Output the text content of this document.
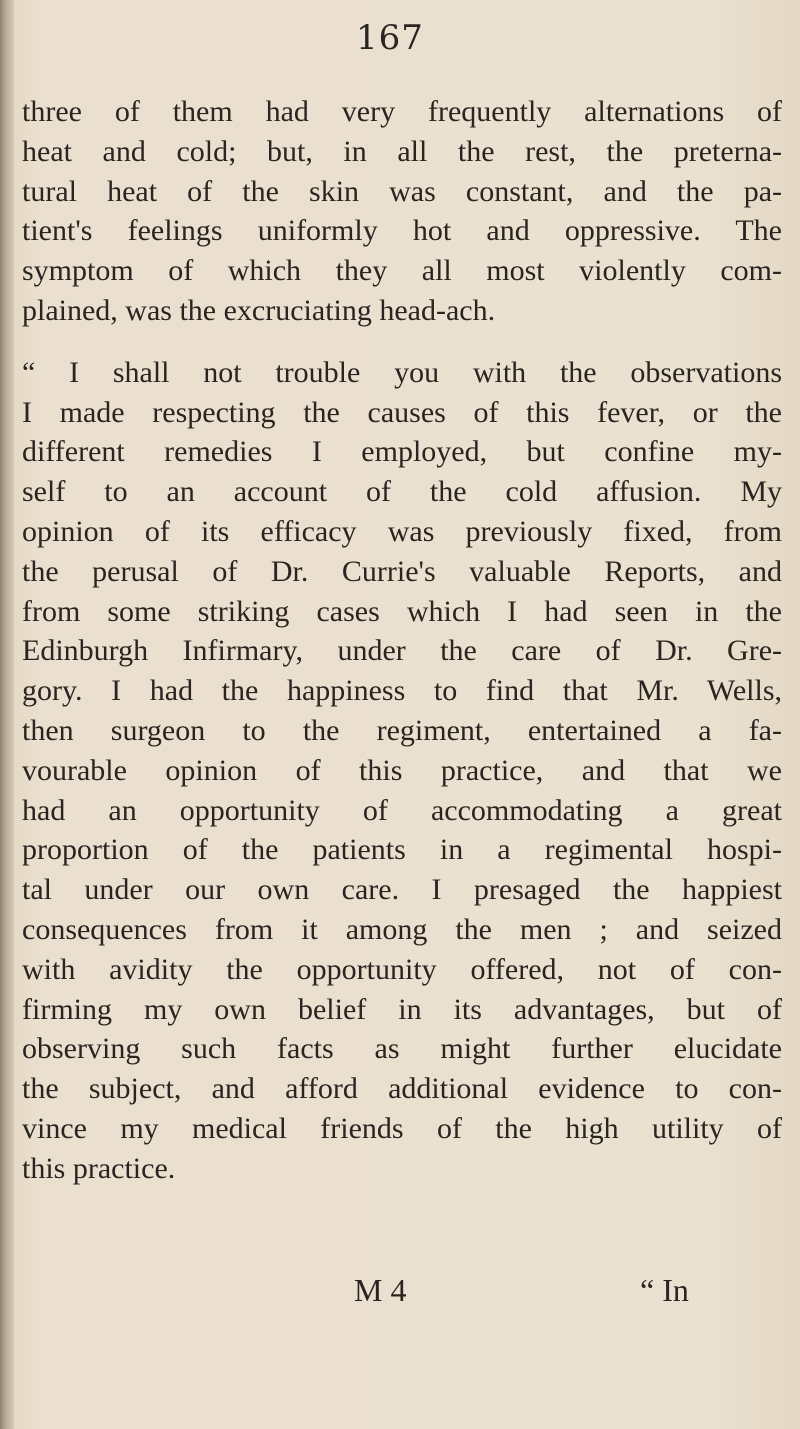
167

three of them had very frequently alternations of
heat and cold; but, in all the rest, the preterna-
tural heat of the skin was constant, and the pa-
tient's feelings uniformly hot and oppressive. The
symptom of which they all most violently com-
plained, was the excruciating head-ach.

“ I shall not trouble you with the observations
I made respecting the causes of this fever, or the
different remedies I employed, but confine my-
self to an account of the cold affusion. My
opinion of its efficacy was previously fixed, from
the perusal of Dr. Currie's valuable Reports, and
from some striking cases which I had seen in the
Edinburgh Infirmary, under the care of Dr. Gre-
gory. I had the happiness to find that Mr. Wells,
then surgeon to the regiment, entertained a fa-
vourable opinion of this practice, and that we
had an opportunity of accommodating a great
proportion of the patients in a regimental hospi-
tal under our own care. I presaged the happiest
consequences from it among the men ; and seized
with avidity the opportunity offered, not of con-
firming my own belief in its advantages, but of
observing such facts as might further elucidate
the subject, and afford additional evidence to con-
vince my medical friends of the high utility of
this practice.

M 4	“ In
